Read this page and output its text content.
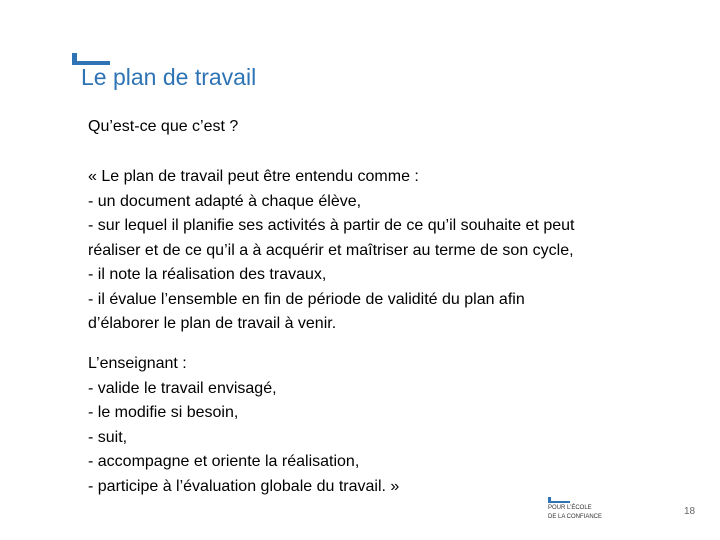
Le plan de travail
Qu’est-ce que c’est ?
« Le plan de travail peut être entendu comme :
- un document adapté à chaque élève,
- sur lequel il planifie ses activités à partir de ce qu’il souhaite et peut
réaliser et de ce qu’il a à acquérir et maîtriser au terme de son cycle,
- il note la réalisation des travaux,
- il évalue l’ensemble en fin de période de validité du plan afin
d’élaborer le plan de travail à venir.
L’enseignant :
- valide le travail envisagé,
- le modifie si besoin,
- suit,
- accompagne et oriente la réalisation,
- participe à l’évaluation globale du travail. »
POUR L’ÉCOLE
DE LA CONFIANCE	18
